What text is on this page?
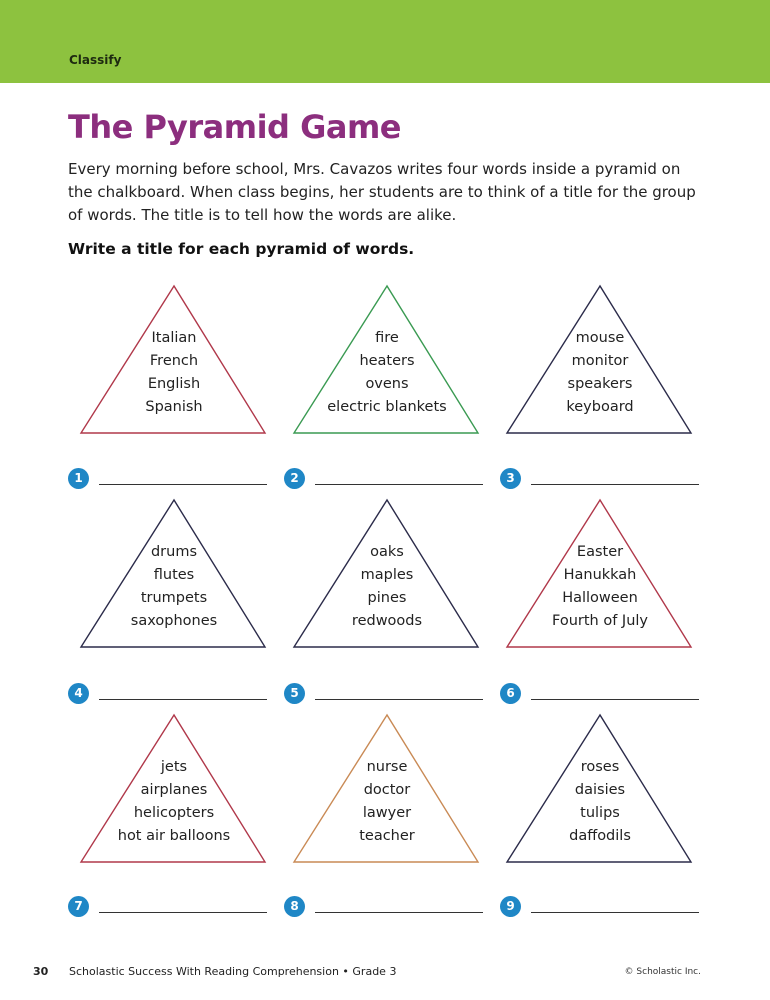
Classify
The Pyramid Game
Every morning before school, Mrs. Cavazos writes four words inside a pyramid on the chalkboard. When class begins, her students are to think of a title for the group of words. The title is to tell how the words are alike.
Write a title for each pyramid of words.
Italian
French
English
Spanish
1
fire
heaters
ovens
electric blankets
2
mouse
monitor
speakers
keyboard
3
drums
flutes
trumpets
saxophones
4
oaks
maples
pines
redwoods
5
Easter
Hanukkah
Halloween
Fourth of July
6
jets
airplanes
helicopters
hot air balloons
7
nurse
doctor
lawyer
teacher
8
roses
daisies
tulips
daffodils
9
30 Scholastic Success With Reading Comprehension • Grade 3	© Scholastic Inc.
